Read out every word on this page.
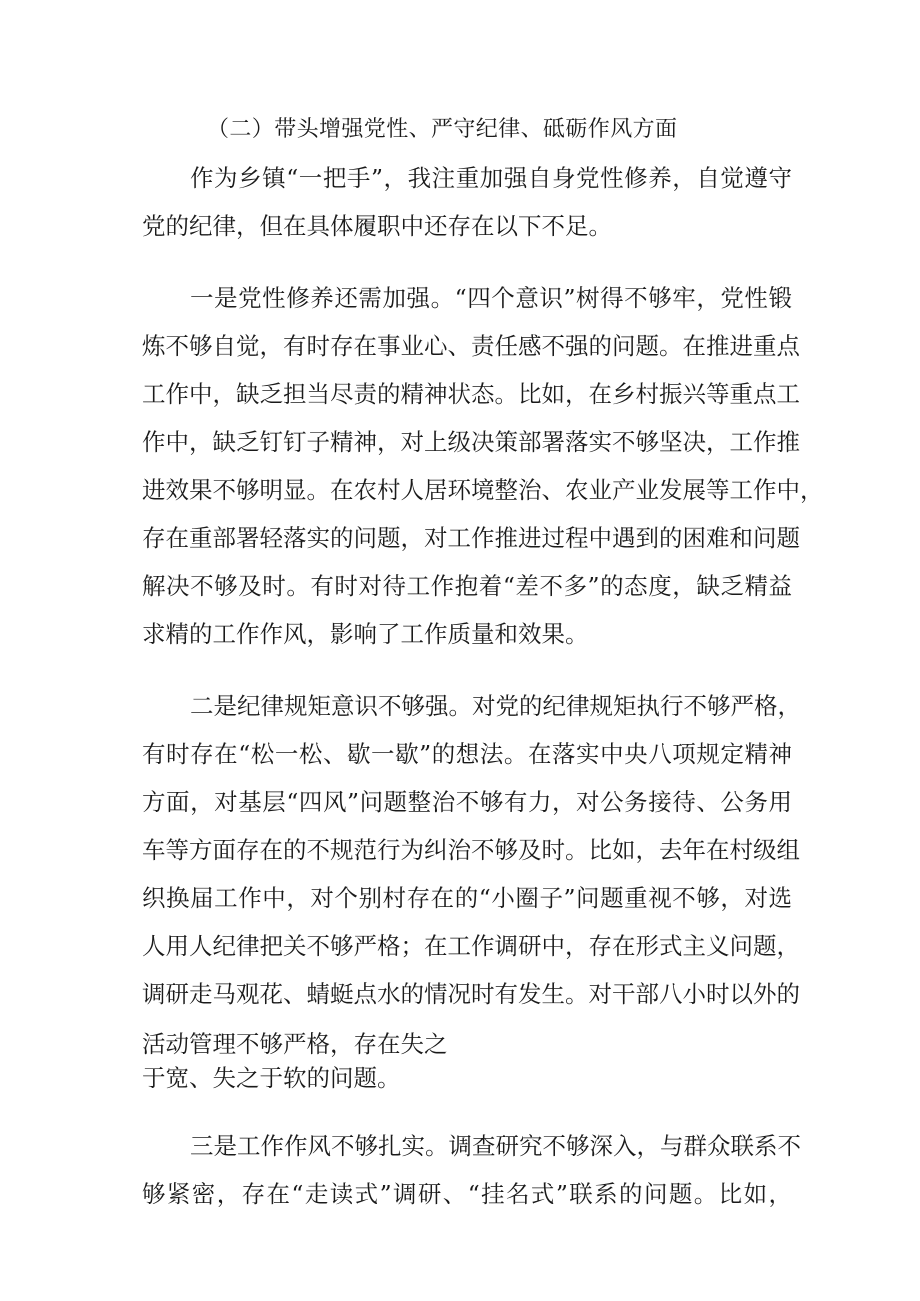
（二）带头增强党性、严守纪律、砥砺作风方面
作为乡镇“一把手”，我注重加强自身党性修养，自觉遵守
党的纪律，但在具体履职中还存在以下不足。
一是党性修养还需加强。“四个意识”树得不够牢，党性锻
炼不够自觉，有时存在事业心、责任感不强的问题。在推进重点
工作中，缺乏担当尽责的精神状态。比如，在乡村振兴等重点工
作中，缺乏钉钉子精神，对上级决策部署落实不够坚决，工作推
进效果不够明显。在农村人居环境整治、农业产业发展等工作中，
存在重部署轻落实的问题，对工作推进过程中遇到的困难和问题
解决不够及时。有时对待工作抱着“差不多”的态度，缺乏精益
求精的工作作风，影响了工作质量和效果。
二是纪律规矩意识不够强。对党的纪律规矩执行不够严格，
有时存在“松一松、歇一歇”的想法。在落实中央八项规定精神
方面，对基层“四风”问题整治不够有力，对公务接待、公务用
车等方面存在的不规范行为纠治不够及时。比如，去年在村级组
织换届工作中，对个别村存在的“小圈子”问题重视不够，对选
人用人纪律把关不够严格；在工作调研中，存在形式主义问题，
调研走马观花、蜻蜓点水的情况时有发生。对干部八小时以外的
活动管理不够严格，存在失之
于宽、失之于软的问题。
三是工作作风不够扎实。调查研究不够深入，与群众联系不
够紧密，存在“走读式”调研、“挂名式”联系的问题。比如，
